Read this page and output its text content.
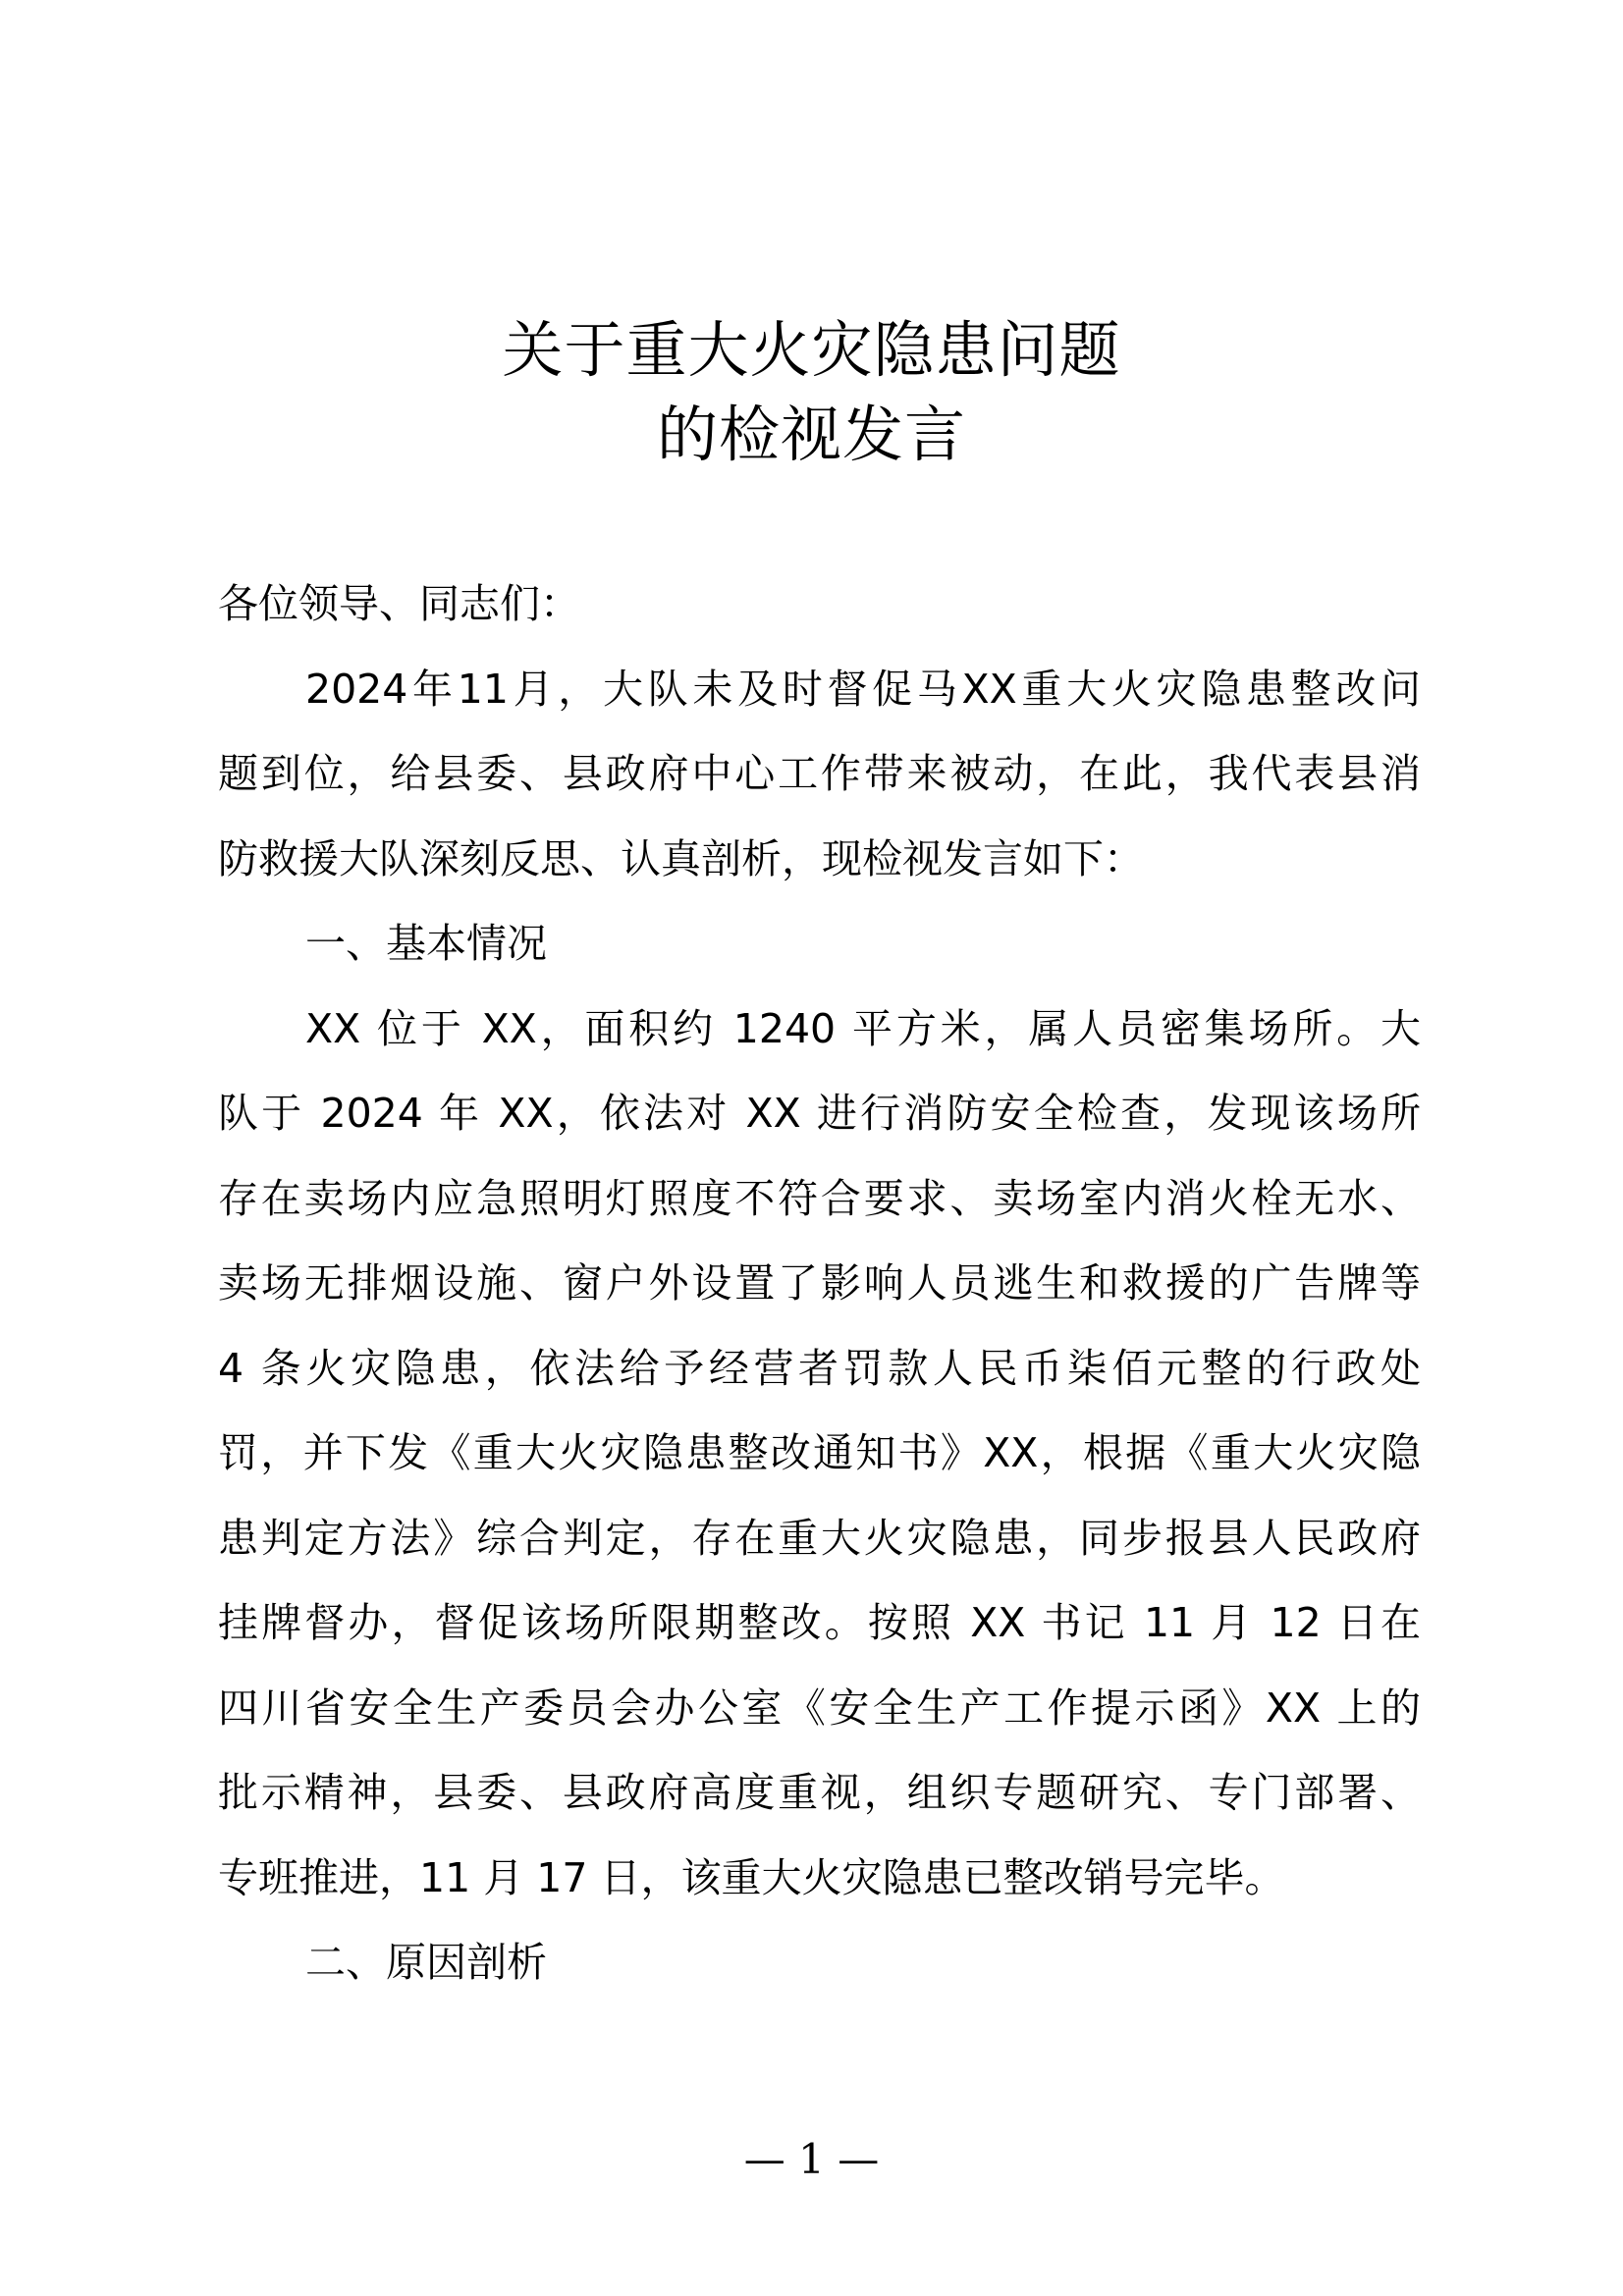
关于重大火灾隐患问题
的检视发言
各位领导、同志们：
2024年11月，大队未及时督促马XX重大火灾隐患整改问
题到位，给县委、县政府中心工作带来被动，在此，我代表县消
防救援大队深刻反思、认真剖析，现检视发言如下：
一、基本情况
XX 位于 XX，面积约 1240 平方米，属人员密集场所。大
队于 2024 年 XX，依法对 XX 进行消防安全检查，发现该场所
存在卖场内应急照明灯照度不符合要求、卖场室内消火栓无水、
卖场无排烟设施、窗户外设置了影响人员逃生和救援的广告牌等
4 条火灾隐患，依法给予经营者罚款人民币柒佰元整的行政处
罚，并下发《重大火灾隐患整改通知书》XX，根据《重大火灾隐
患判定方法》综合判定，存在重大火灾隐患，同步报县人民政府
挂牌督办，督促该场所限期整改。按照 XX 书记 11 月 12 日在
四川省安全生产委员会办公室《安全生产工作提示函》XX 上的
批示精神，县委、县政府高度重视，组织专题研究、专门部署、
专班推进，11 月 17 日，该重大火灾隐患已整改销号完毕。
二、原因剖析
— 1 —
